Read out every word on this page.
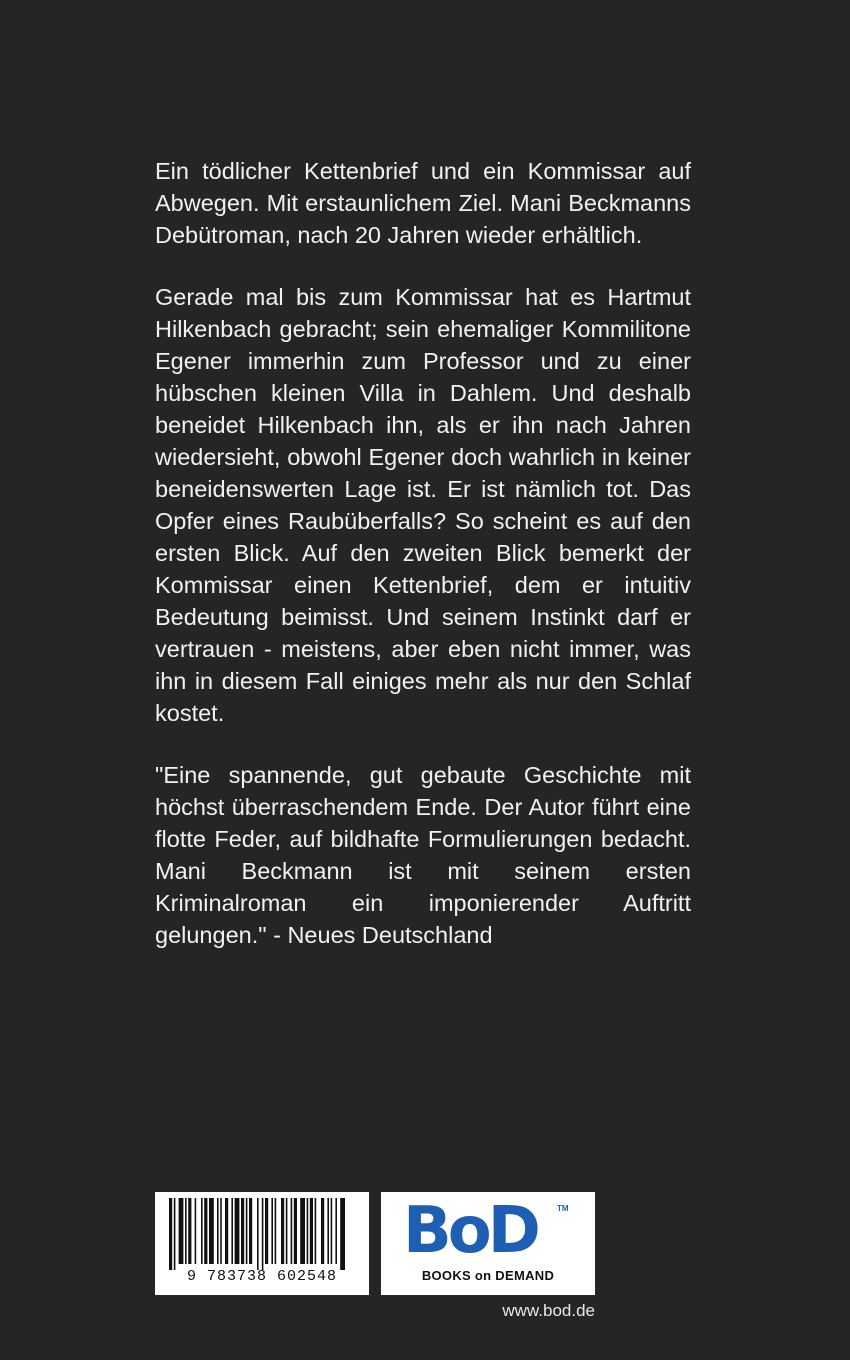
Ein tödlicher Kettenbrief und ein Kommissar auf Abwegen. Mit erstaunlichem Ziel. Mani Beckmanns Debütroman, nach 20 Jahren wieder erhältlich.

Gerade mal bis zum Kommissar hat es Hartmut Hilkenbach gebracht; sein ehemaliger Kommilitone Egener immerhin zum Professor und zu einer hübschen kleinen Villa in Dahlem. Und deshalb beneidet Hilkenbach ihn, als er ihn nach Jahren wiedersieht, obwohl Egener doch wahrlich in keiner beneidenswerten Lage ist. Er ist nämlich tot. Das Opfer eines Raubüberfalls? So scheint es auf den ersten Blick. Auf den zweiten Blick bemerkt der Kommissar einen Kettenbrief, dem er intuitiv Bedeutung beimisst. Und seinem Instinkt darf er vertrauen - meistens, aber eben nicht immer, was ihn in diesem Fall einiges mehr als nur den Schlaf kostet.

"Eine spannende, gut gebaute Geschichte mit höchst überraschendem Ende. Der Autor führt eine flotte Feder, auf bildhafte Formulierungen bedacht. Mani Beckmann ist mit seinem ersten Kriminalroman ein imponierender Auftritt gelungen." - Neues Deutschland

9 783738 602548
BoD	TM
BOOKS on DEMAND
www.bod.de
